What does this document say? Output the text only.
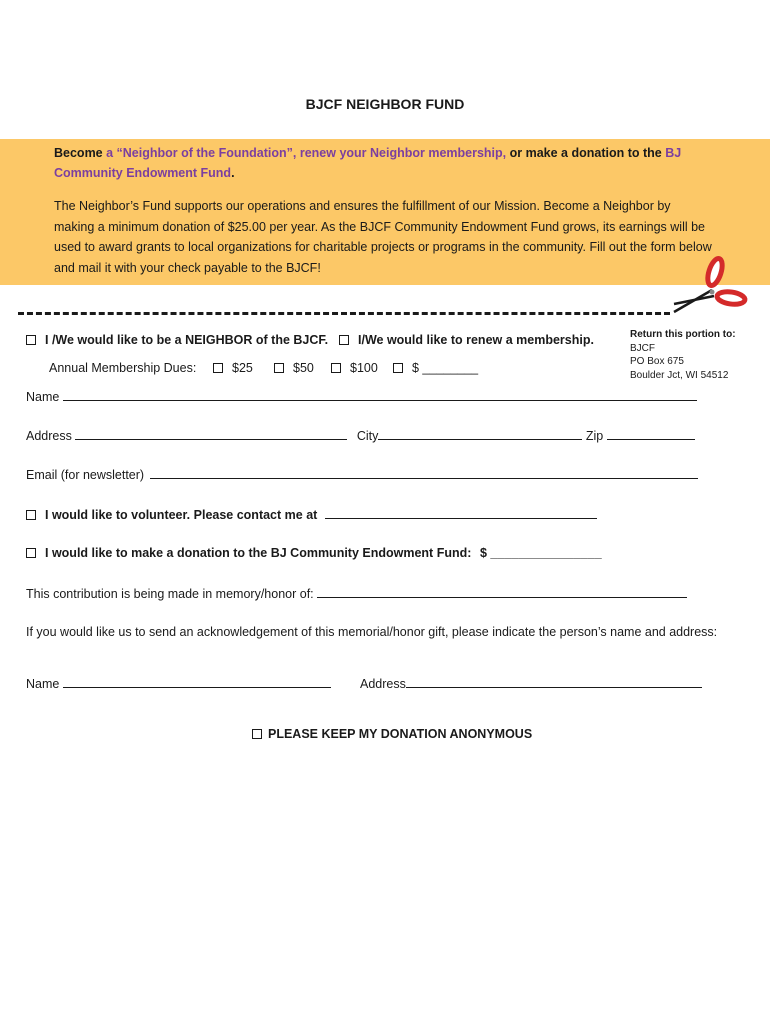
BJCF NEIGHBOR FUND
Become a “Neighbor of the Foundation”, renew your Neighbor membership, or make a donation to the BJ Community Endowment Fund.
The Neighbor’s Fund supports our operations and ensures the fulfillment of our Mission. Become a Neighbor by making a minimum donation of $25.00 per year. As the BJCF Community Endowment Fund grows, its earnings will be used to award grants to local organizations for charitable projects or programs in the community. Fill out the form below and mail it with your check payable to the BJCF!
I /We would like to be a NEIGHBOR of the BJCF.	I/We would like to renew a membership.	Return this portion to:
BJCF
PO Box 675
Boulder Jct, WI 54512
Annual Membership Dues:	$25	$50	$100	$ ________
Name
Address	City	Zip
Email (for newsletter)
I would like to volunteer. Please contact me at
I would like to make a donation to the BJ Community Endowment Fund: $ ________________
This contribution is being made in memory/honor of:
If you would like us to send an acknowledgement of this memorial/honor gift, please indicate the person’s name and address:
Name	Address
PLEASE KEEP MY DONATION ANONYMOUS
